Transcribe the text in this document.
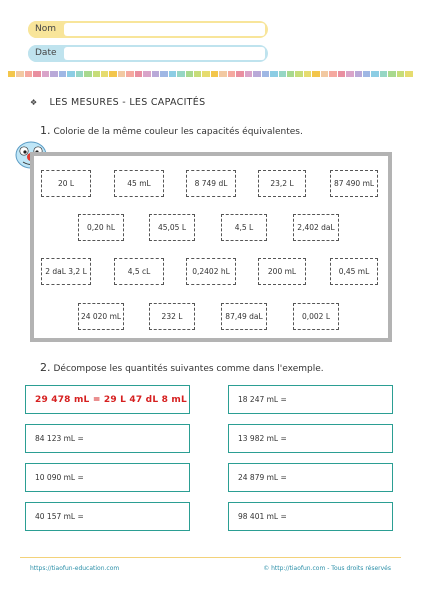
Nom
Date
❖ LES MESURES - LES CAPACITÉS
1. Colorie de la même couleur les capacités équivalentes.
20 L	45 mL	8 749 dL	23,2 L	87 490 mL
0,20 hL	45,05 L	4,5 L	2,402 daL
2 daL 3,2 L	4,5 cL	0,2402 hL	200 mL	0,45 mL
24 020 mL	232 L	87,49 daL	0,002 L
2. Décompose les quantités suivantes comme dans l'exemple.
29 478 mL = 29 L 47 dL 8 mL
84 123 mL =
10 090 mL =
40 157 mL =
18 247 mL =
13 982 mL =
24 879 mL =
98 401 mL =
https://tiaofun-education.com	© http://tiaofun.com - Tous droits réservés
